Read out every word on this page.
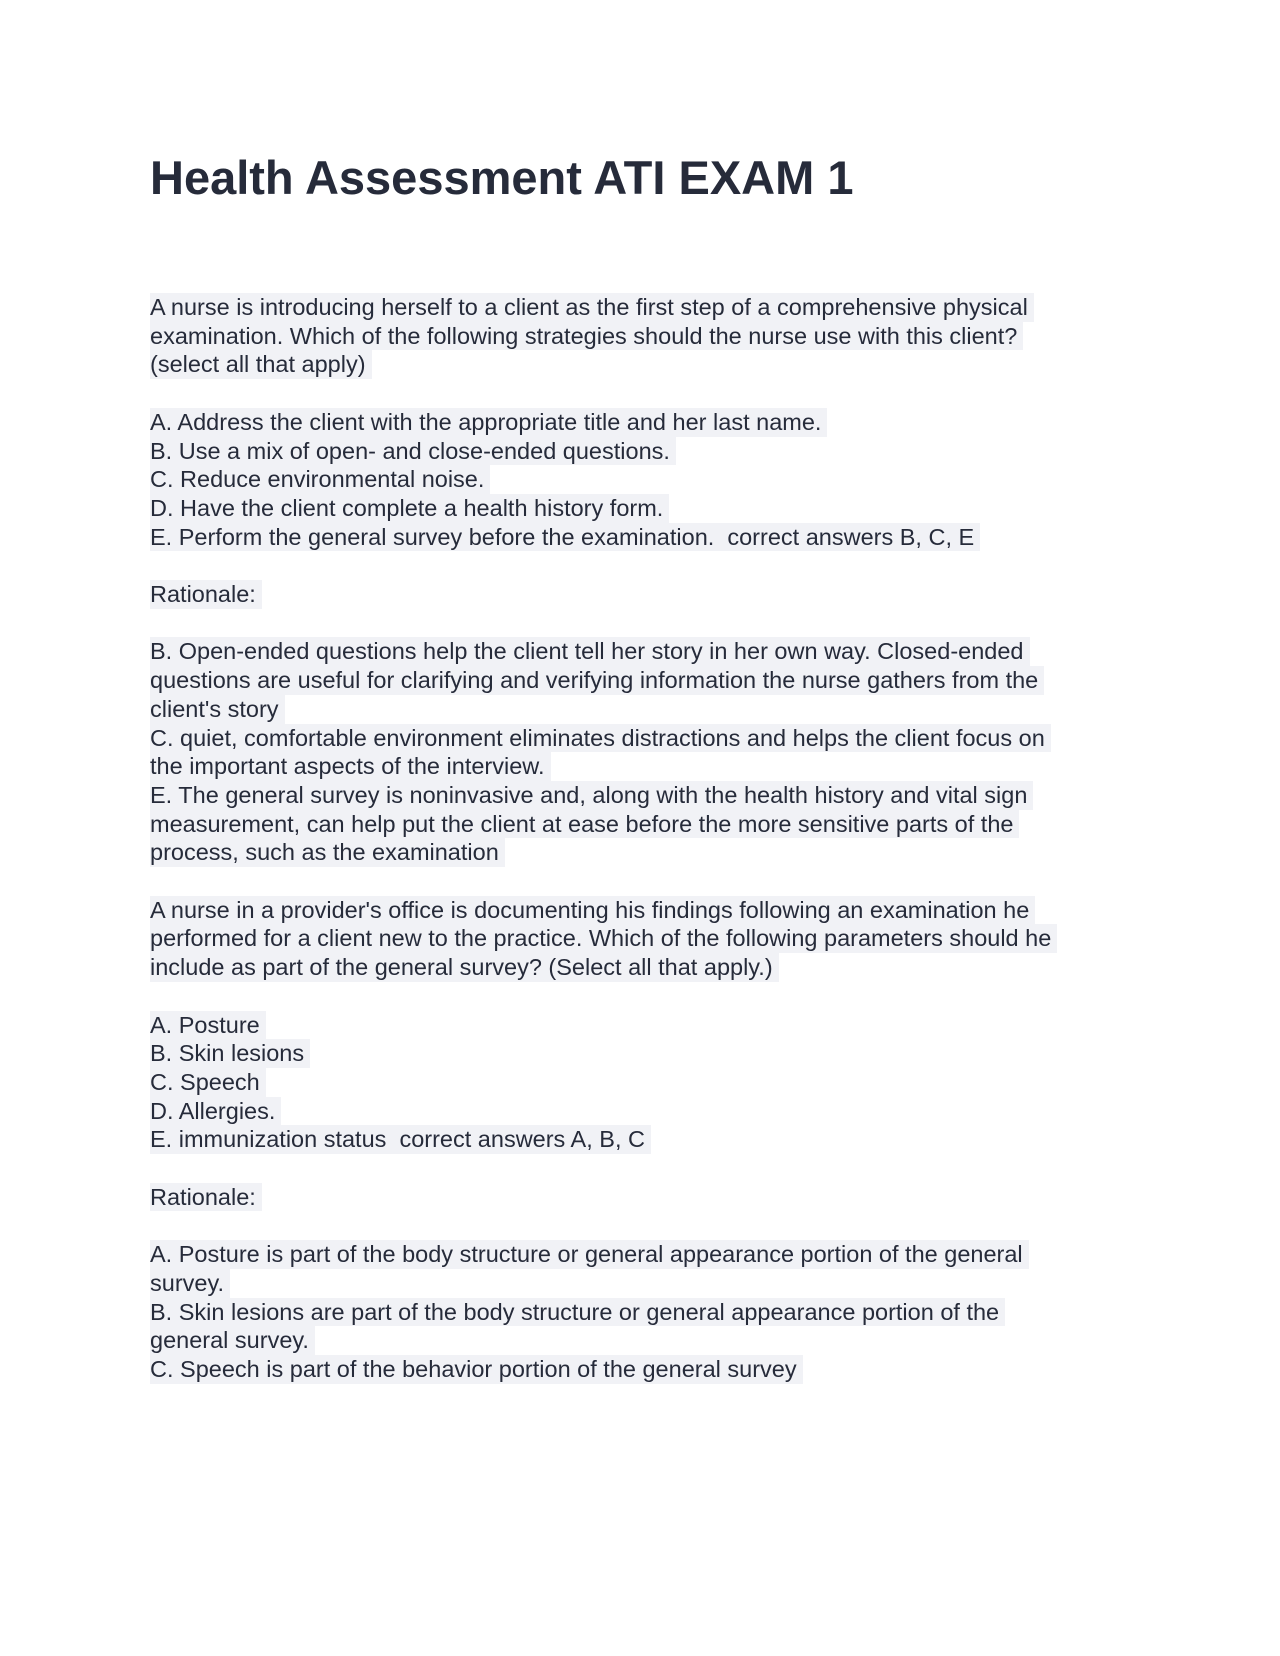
Health Assessment ATI EXAM 1
A nurse is introducing herself to a client as the first step of a comprehensive physical
examination. Which of the following strategies should the nurse use with this client?
(select all that apply)
A. Address the client with the appropriate title and her last name.
B. Use a mix of open- and close-ended questions.
C. Reduce environmental noise.
D. Have the client complete a health history form.
E. Perform the general survey before the examination.  correct answers B, C, E
Rationale:
B. Open-ended questions help the client tell her story in her own way. Closed-ended
questions are useful for clarifying and verifying information the nurse gathers from the
client's story
C. quiet, comfortable environment eliminates distractions and helps the client focus on
the important aspects of the interview.
E. The general survey is noninvasive and, along with the health history and vital sign
measurement, can help put the client at ease before the more sensitive parts of the
process, such as the examination
A nurse in a provider's office is documenting his findings following an examination he
performed for a client new to the practice. Which of the following parameters should he
include as part of the general survey? (Select all that apply.)
A. Posture
B. Skin lesions
C. Speech
D. Allergies.
E. immunization status  correct answers A, B, C
Rationale:
A. Posture is part of the body structure or general appearance portion of the general
survey.
B. Skin lesions are part of the body structure or general appearance portion of the
general survey.
C. Speech is part of the behavior portion of the general survey
